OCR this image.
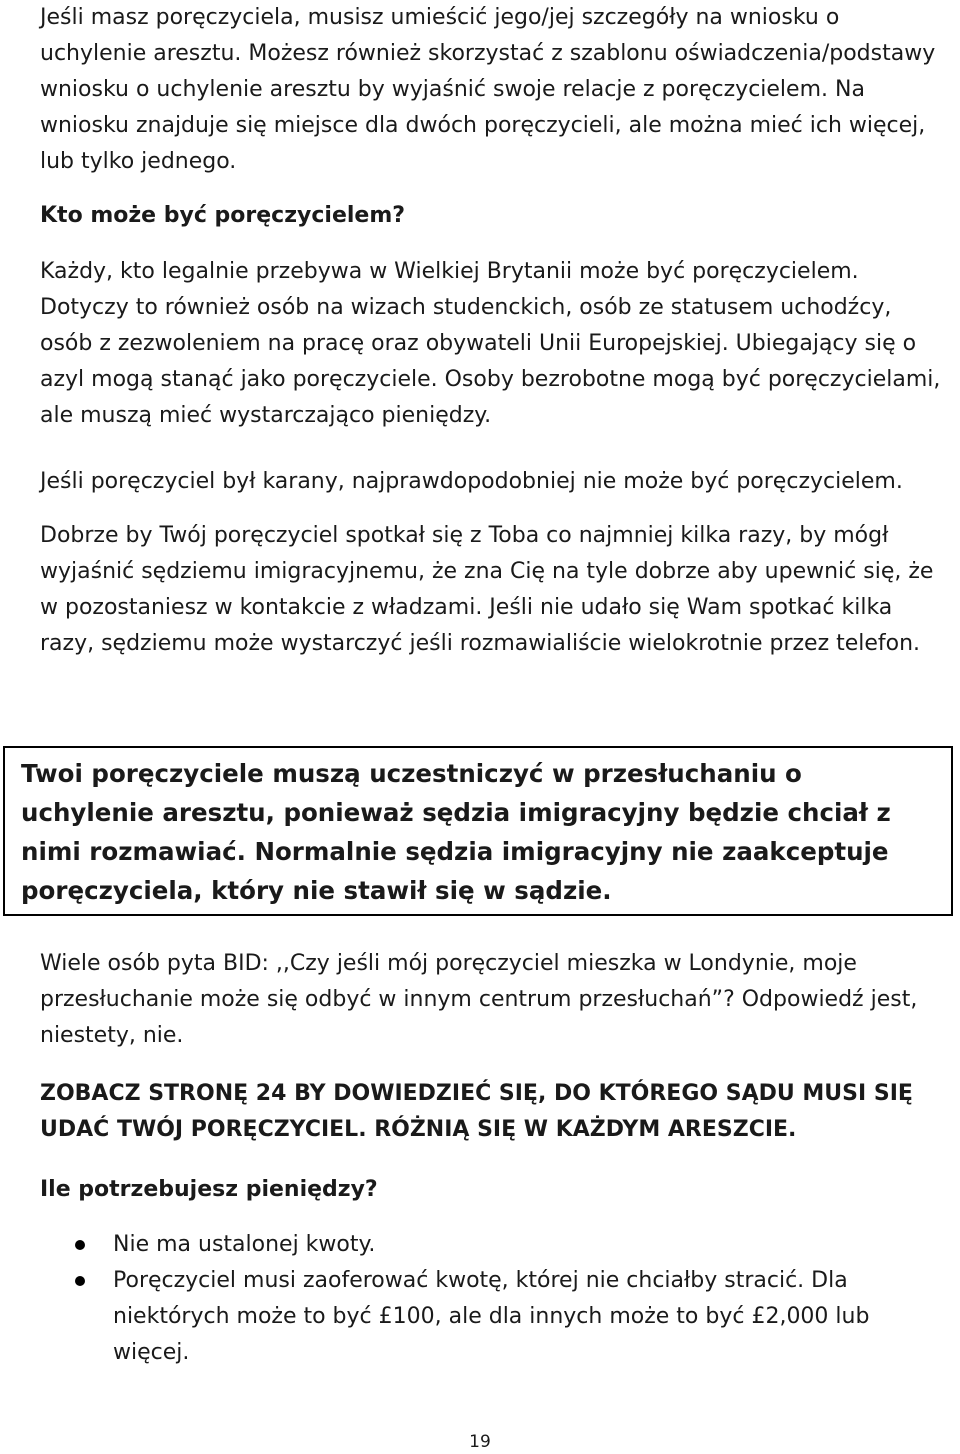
Jeśli masz poręczyciela, musisz umieścić jego/jej szczegóły na wniosku o uchylenie aresztu. Możesz również skorzystać z szablonu oświadczenia/podstawy wniosku o uchylenie aresztu by wyjaśnić swoje relacje z poręczycielem. Na wniosku znajduje się miejsce dla dwóch poręczycieli, ale można mieć ich więcej, lub tylko jednego.

Kto może być poręczycielem?

Każdy, kto legalnie przebywa w Wielkiej Brytanii może być poręczycielem. Dotyczy to również osób na wizach studenckich, osób ze statusem uchodźcy, osób z zezwoleniem na pracę oraz obywateli Unii Europejskiej. Ubiegający się o azyl mogą stanąć jako poręczyciele. Osoby bezrobotne mogą być poręczycielami, ale muszą mieć wystarczająco pieniędzy.

Jeśli poręczyciel był karany, najprawdopodobniej nie może być poręczycielem.

Dobrze by Twój poręczyciel spotkał się z Toba co najmniej kilka razy, by mógł wyjaśnić sędziemu imigracyjnemu, że zna Cię na tyle dobrze aby upewnić się, że w pozostaniesz w kontakcie z władzami. Jeśli nie udało się Wam spotkać kilka razy, sędziemu może wystarczyć jeśli rozmawialiście wielokrotnie przez telefon.

Twoi poręczyciele muszą uczestniczyć w przesłuchaniu o uchylenie aresztu, ponieważ sędzia imigracyjny będzie chciał z nimi rozmawiać. Normalnie sędzia imigracyjny nie zaakceptuje poręczyciela, który nie stawił się w sądzie.

Wiele osób pyta BID: ,,Czy jeśli mój poręczyciel mieszka w Londynie, moje przesłuchanie może się odbyć w innym centrum przesłuchań”? Odpowiedź jest, niestety, nie.

ZOBACZ STRONĘ 24 BY DOWIEDZIEĆ SIĘ, DO KTÓREGO SĄDU MUSI SIĘ UDAĆ TWÓJ PORĘCZYCIEL. RÓŻNIĄ SIĘ W KAŻDYM ARESZCIE.

Ile potrzebujesz pieniędzy?

Nie ma ustalonej kwoty.
Poręczyciel musi zaoferować kwotę, której nie chciałby stracić. Dla niektórych może to być £100, ale dla innych może to być £2,000 lub więcej.
19
